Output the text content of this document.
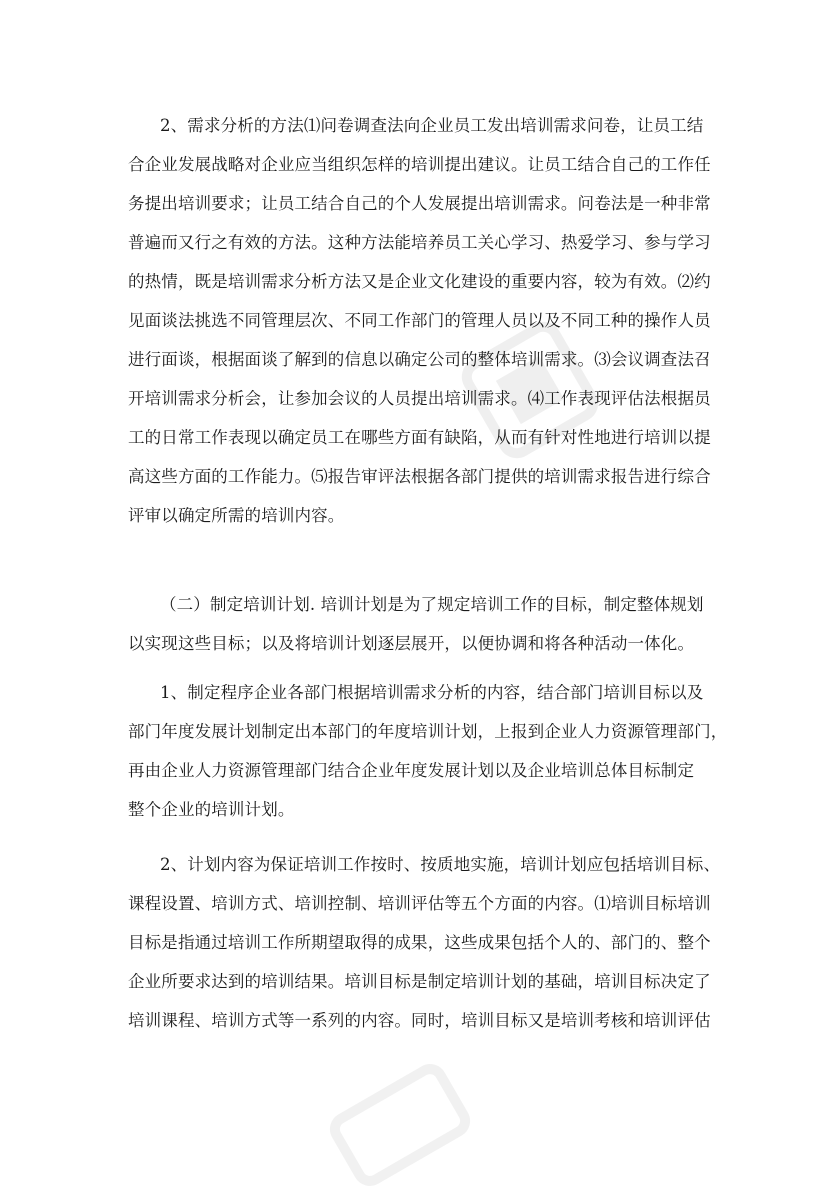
2、需求分析的方法⑴问卷调查法向企业员工发出培训需求问卷，让员工结
合企业发展战略对企业应当组织怎样的培训提出建议。让员工结合自己的工作任
务提出培训要求；让员工结合自己的个人发展提出培训需求。问卷法是一种非常
普遍而又行之有效的方法。这种方法能培养员工关心学习、热爱学习、参与学习
的热情，既是培训需求分析方法又是企业文化建设的重要内容，较为有效。⑵约
见面谈法挑选不同管理层次、不同工作部门的管理人员以及不同工种的操作人员
进行面谈，根据面谈了解到的信息以确定公司的整体培训需求。⑶会议调查法召
开培训需求分析会，让参加会议的人员提出培训需求。⑷工作表现评估法根据员
工的日常工作表现以确定员工在哪些方面有缺陷，从而有针对性地进行培训以提
高这些方面的工作能力。⑸报告审评法根据各部门提供的培训需求报告进行综合
评审以确定所需的培训内容。
（二）制定培训计划. 培训计划是为了规定培训工作的目标，制定整体规划
以实现这些目标；以及将培训计划逐层展开，以便协调和将各种活动一体化。
1、制定程序企业各部门根据培训需求分析的内容，结合部门培训目标以及
部门年度发展计划制定出本部门的年度培训计划，上报到企业人力资源管理部门，
再由企业人力资源管理部门结合企业年度发展计划以及企业培训总体目标制定
整个企业的培训计划。
2、计划内容为保证培训工作按时、按质地实施，培训计划应包括培训目标、
课程设置、培训方式、培训控制、培训评估等五个方面的内容。⑴培训目标培训
目标是指通过培训工作所期望取得的成果，这些成果包括个人的、部门的、整个
企业所要求达到的培训结果。培训目标是制定培训计划的基础，培训目标决定了
培训课程、培训方式等一系列的内容。同时，培训目标又是培训考核和培训评估
